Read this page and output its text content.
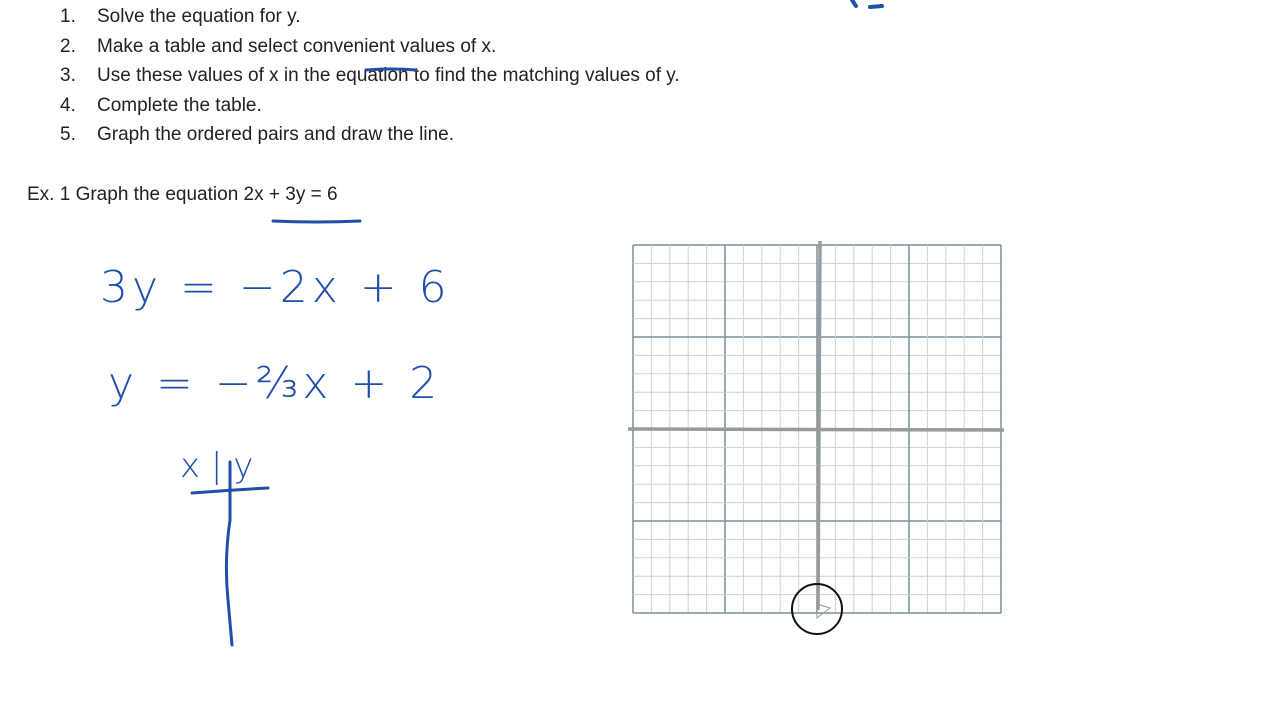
1.	Solve the equation for y.
2.	Make a table and select convenient values of x.
3.	Use these values of x in the equation to find the matching values of y.
4.	Complete the table.
5.	Graph the ordered pairs and draw the line.
Ex. 1 Graph the equation 2x + 3y = 6
3y = −2x + 6
y = −⅔x + 2
x | y
